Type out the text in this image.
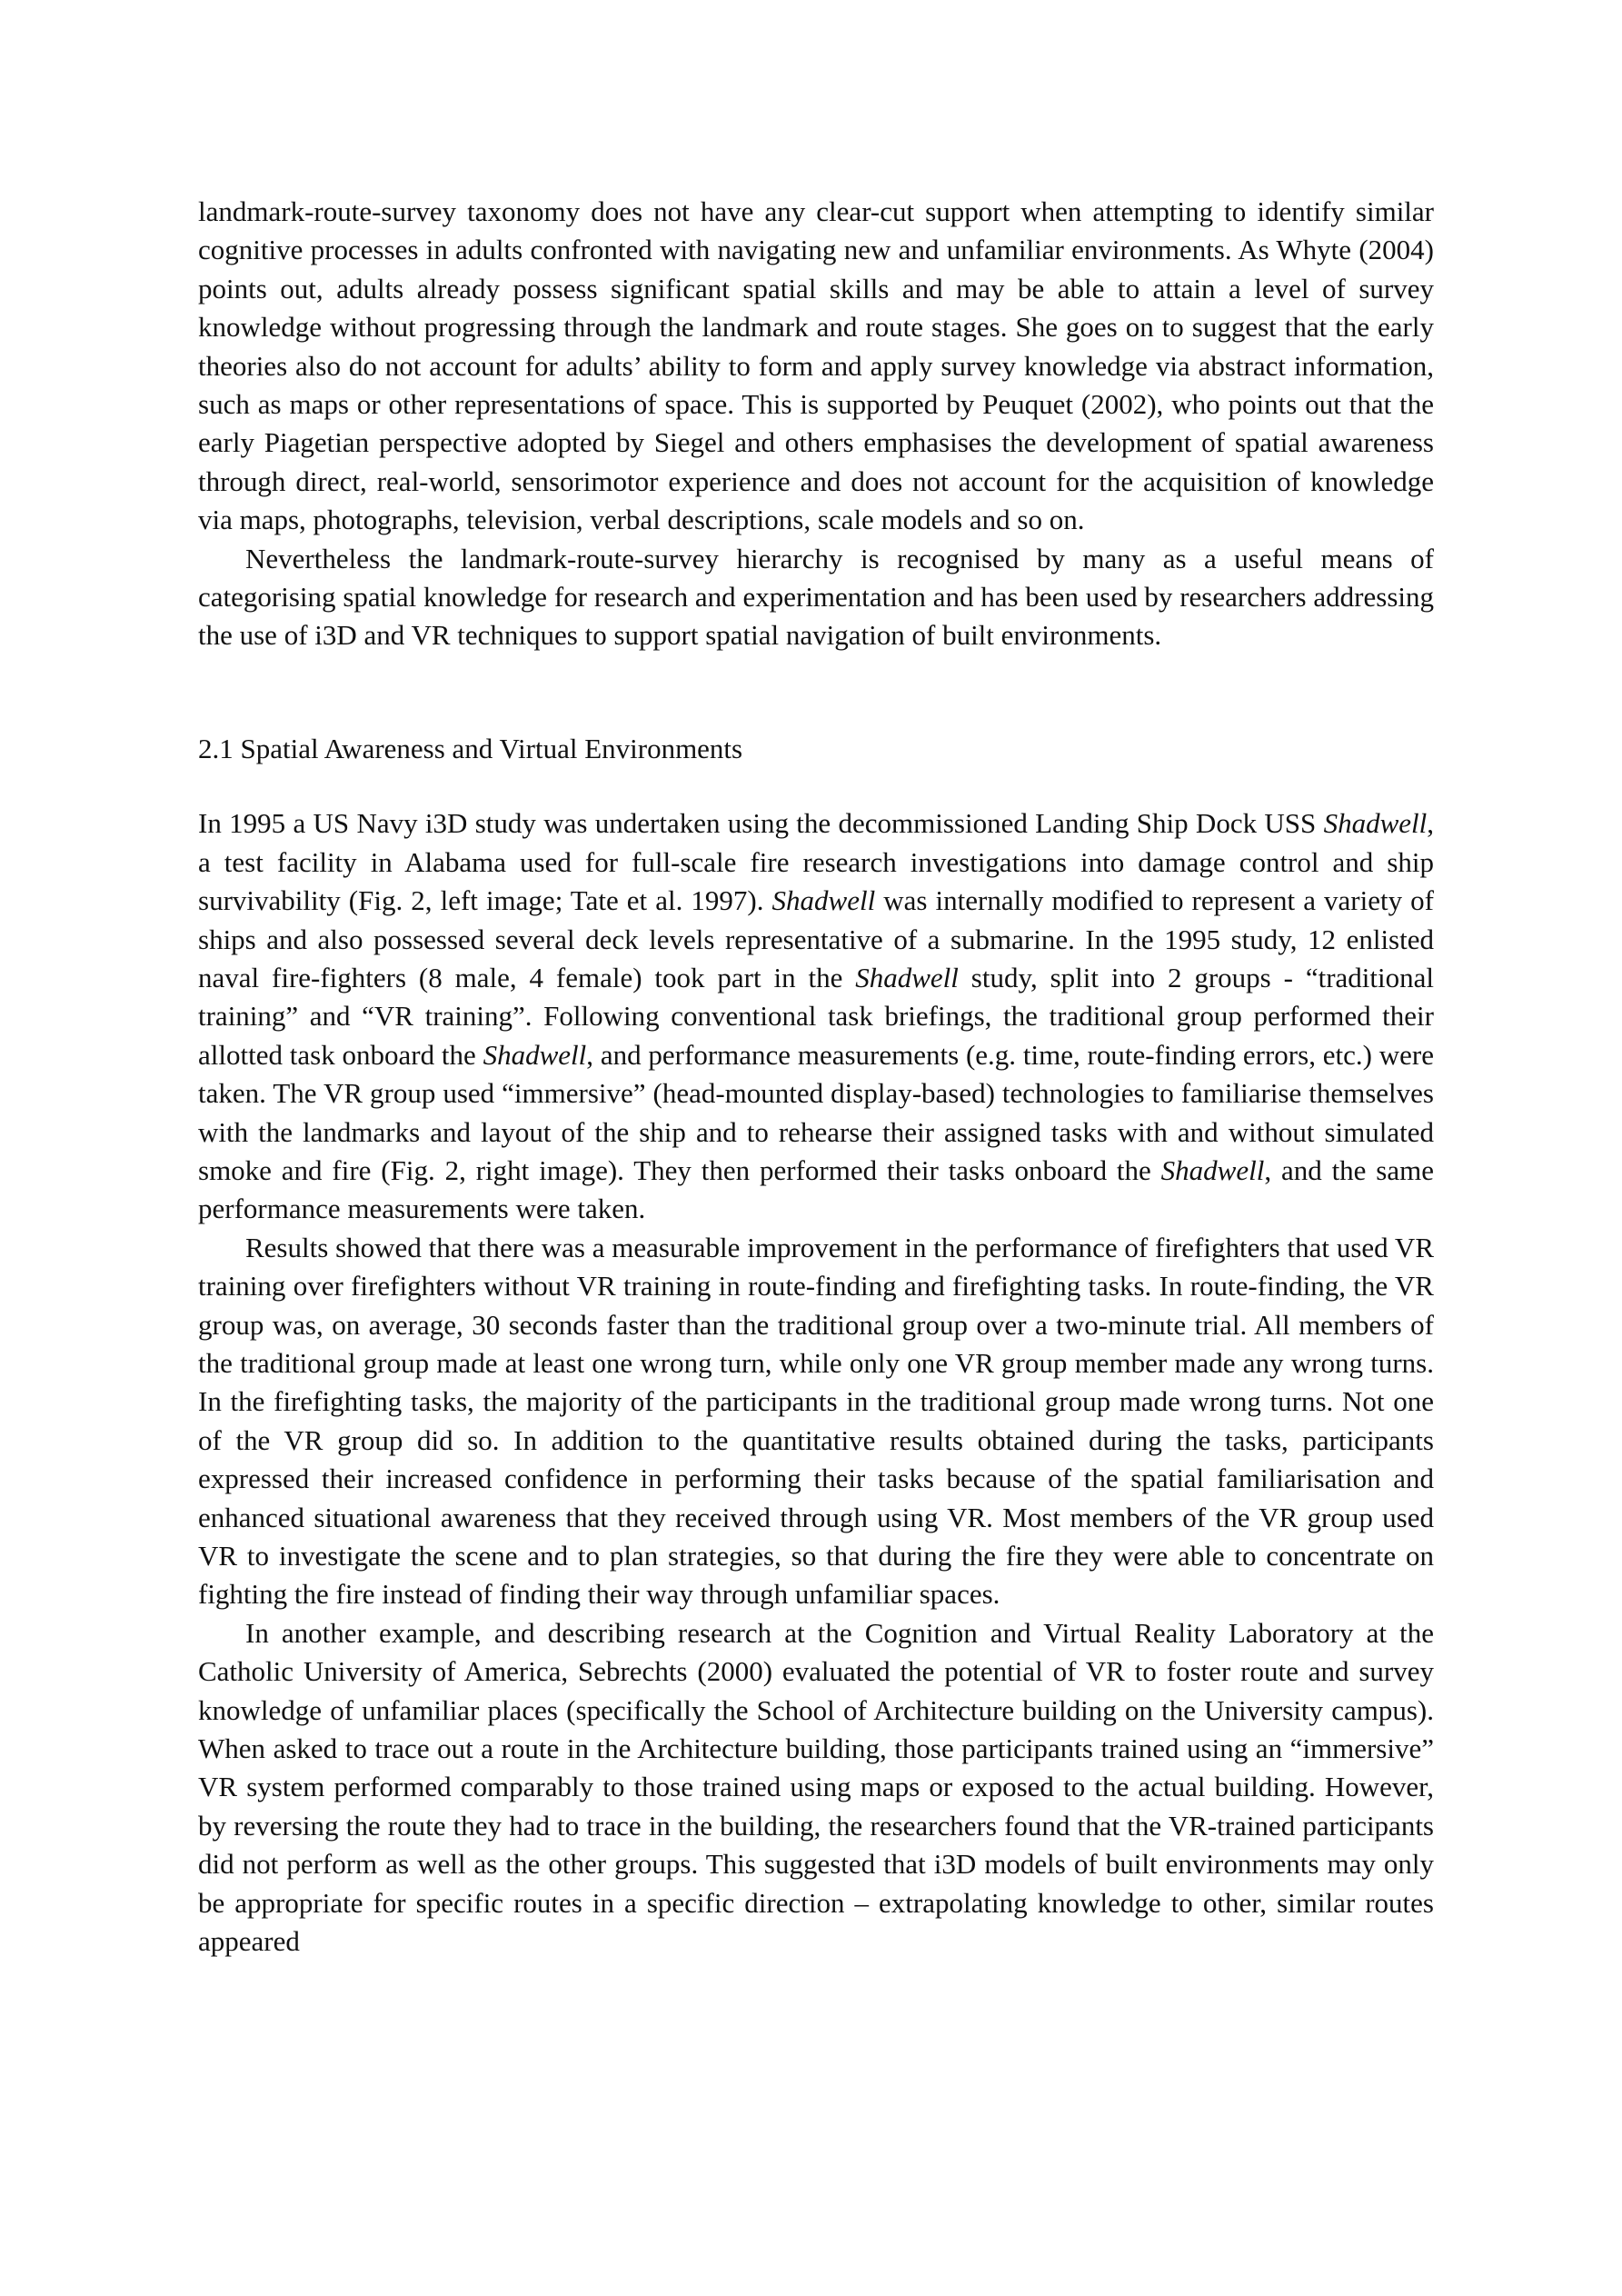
landmark-route-survey taxonomy does not have any clear-cut support when attempting to identify similar cognitive processes in adults confronted with navigating new and unfamiliar environments. As Whyte (2004) points out, adults already possess significant spatial skills and may be able to attain a level of survey knowledge without progressing through the landmark and route stages. She goes on to suggest that the early theories also do not account for adults’ ability to form and apply survey knowledge via abstract information, such as maps or other representations of space. This is supported by Peuquet (2002), who points out that the early Piagetian perspective adopted by Siegel and others emphasises the development of spatial awareness through direct, real-world, sensorimotor experience and does not account for the acquisition of knowledge via maps, photographs, television, verbal descriptions, scale models and so on.

Nevertheless the landmark-route-survey hierarchy is recognised by many as a useful means of categorising spatial knowledge for research and experimentation and has been used by researchers addressing the use of i3D and VR techniques to support spatial navigation of built environments.

2.1 Spatial Awareness and Virtual Environments

In 1995 a US Navy i3D study was undertaken using the decommissioned Landing Ship Dock USS Shadwell, a test facility in Alabama used for full-scale fire research investigations into damage control and ship survivability (Fig. 2, left image; Tate et al. 1997). Shadwell was internally modified to represent a variety of ships and also possessed several deck levels representative of a submarine. In the 1995 study, 12 enlisted naval fire-fighters (8 male, 4 female) took part in the Shadwell study, split into 2 groups - “traditional training” and “VR training”. Following conventional task briefings, the traditional group performed their allotted task onboard the Shadwell, and performance measurements (e.g. time, route-finding errors, etc.) were taken. The VR group used “immersive” (head-mounted display-based) technologies to familiarise themselves with the landmarks and layout of the ship and to rehearse their assigned tasks with and without simulated smoke and fire (Fig. 2, right image). They then performed their tasks onboard the Shadwell, and the same performance measurements were taken.

Results showed that there was a measurable improvement in the performance of firefighters that used VR training over firefighters without VR training in route-finding and firefighting tasks. In route-finding, the VR group was, on average, 30 seconds faster than the traditional group over a two-minute trial. All members of the traditional group made at least one wrong turn, while only one VR group member made any wrong turns. In the firefighting tasks, the majority of the participants in the traditional group made wrong turns. Not one of the VR group did so. In addition to the quantitative results obtained during the tasks, participants expressed their increased confidence in performing their tasks because of the spatial familiarisation and enhanced situational awareness that they received through using VR. Most members of the VR group used VR to investigate the scene and to plan strategies, so that during the fire they were able to concentrate on fighting the fire instead of finding their way through unfamiliar spaces.

In another example, and describing research at the Cognition and Virtual Reality Laboratory at the Catholic University of America, Sebrechts (2000) evaluated the potential of VR to foster route and survey knowledge of unfamiliar places (specifically the School of Architecture building on the University campus). When asked to trace out a route in the Architecture building, those participants trained using an “immersive” VR system performed comparably to those trained using maps or exposed to the actual building. However, by reversing the route they had to trace in the building, the researchers found that the VR-trained participants did not perform as well as the other groups. This suggested that i3D models of built environments may only be appropriate for specific routes in a specific direction – extrapolating knowledge to other, similar routes appeared
